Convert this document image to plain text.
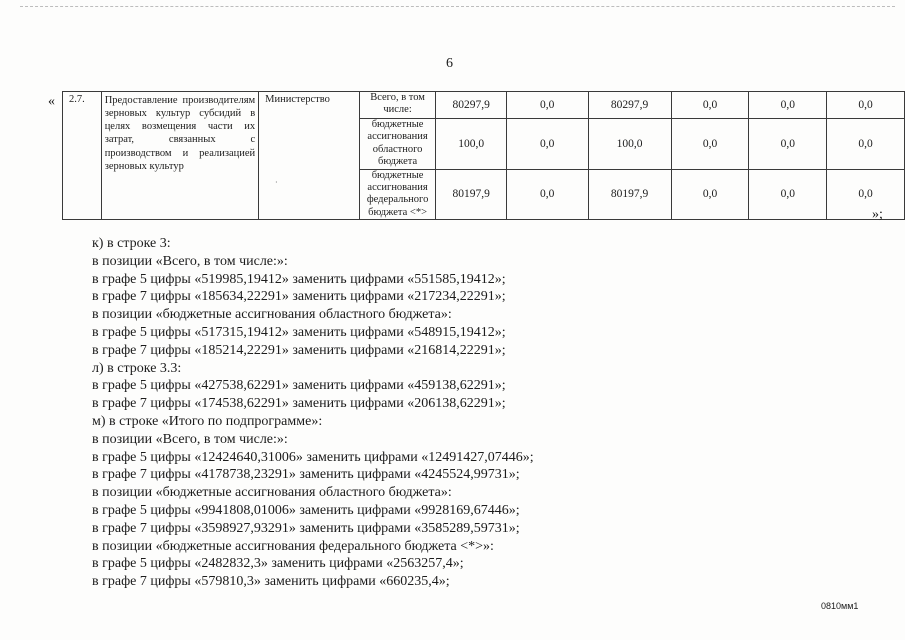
6
« 2.7.	Предоставление производителям зерновых культур субсидий в целях возмещения части их затрат, связанных с производством и реализацией зерновых культур	Министерство	Всего, в том числе:	80297,9	0,0	80297,9	0,0	0,0	0,0
			бюджетные ассигнования областного бюджета	100,0	0,0	100,0	0,0	0,0	0,0
			бюджетные ассигнования федерального бюджета <*>	80197,9	0,0	80197,9	0,0	0,0	0,0
·
»;
к) в строке 3:
в позиции «Всего, в том числе:»:
в графе 5 цифры «519985,19412» заменить цифрами «551585,19412»;
в графе 7 цифры «185634,22291» заменить цифрами «217234,22291»;
в позиции «бюджетные ассигнования областного бюджета»:
в графе 5 цифры «517315,19412» заменить цифрами «548915,19412»;
в графе 7 цифры «185214,22291» заменить цифрами «216814,22291»;
л) в строке 3.3:
в графе 5 цифры «427538,62291» заменить цифрами «459138,62291»;
в графе 7 цифры «174538,62291» заменить цифрами «206138,62291»;
м) в строке «Итого по подпрограмме»:
в позиции «Всего, в том числе:»:
в графе 5 цифры «12424640,31006» заменить цифрами «12491427,07446»;
в графе 7 цифры «4178738,23291» заменить цифрами «4245524,99731»;
в позиции «бюджетные ассигнования областного бюджета»:
в графе 5 цифры «9941808,01006» заменить цифрами «9928169,67446»;
в графе 7 цифры «3598927,93291» заменить цифрами «3585289,59731»;
в позиции «бюджетные ассигнования федерального бюджета <*>»:
в графе 5 цифры «2482832,3» заменить цифрами «2563257,4»;
в графе 7 цифры «579810,3» заменить цифрами «660235,4»;
0810мм1
